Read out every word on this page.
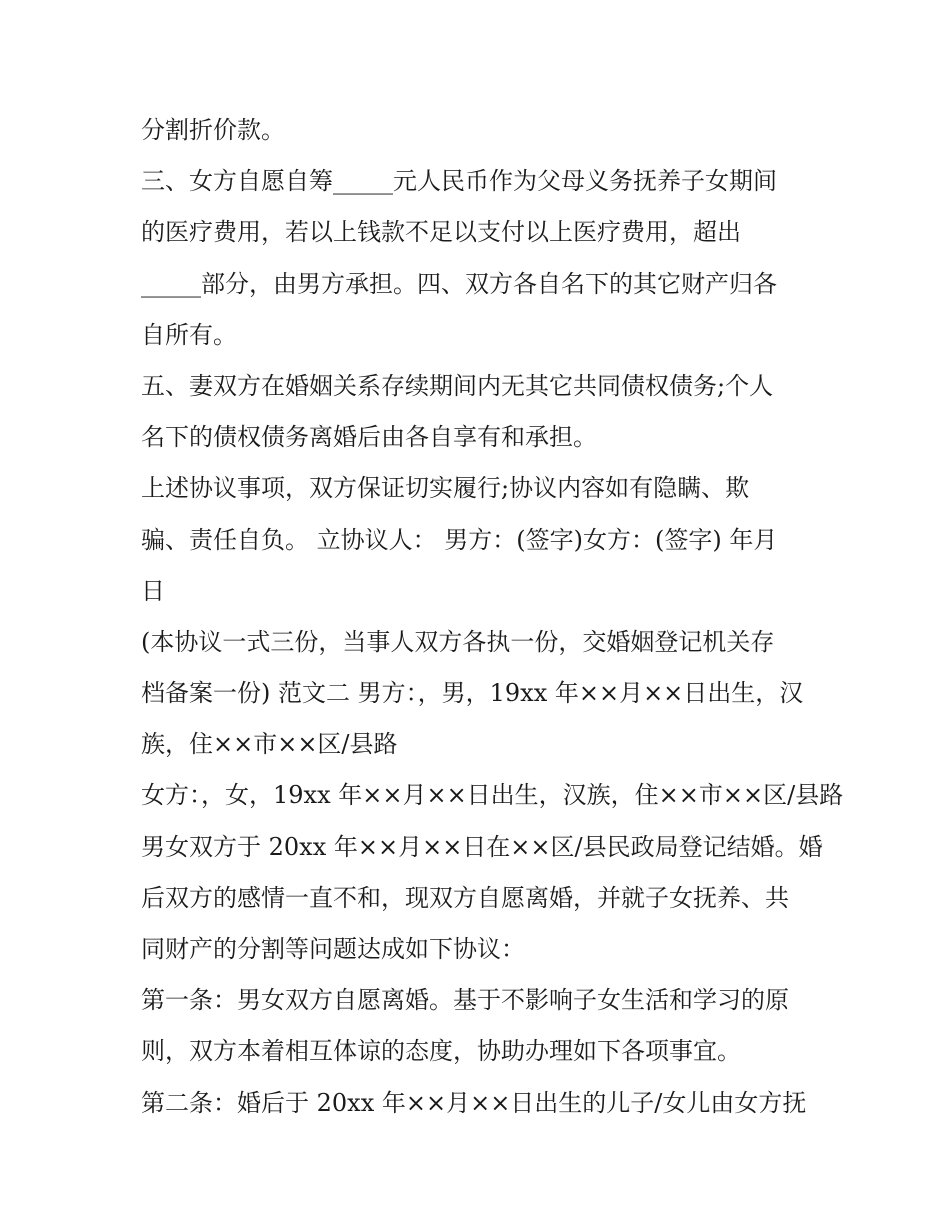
分割折价款。
三、女方自愿自筹_____元人民币作为父母义务抚养子女期间
的医疗费用，若以上钱款不足以支付以上医疗费用，超出
_____部分，由男方承担。四、双方各自名下的其它财产归各
自所有。
五、妻双方在婚姻关系存续期间内无其它共同债权债务;个人
名下的债权债务离婚后由各自享有和承担。
上述协议事项，双方保证切实履行;协议内容如有隐瞒、欺
骗、责任自负。 立协议人： 男方：(签字)女方：(签字) 年月
日
(本协议一式三份，当事人双方各执一份，交婚姻登记机关存
档备案一份) 范文二 男方：，男，19xx 年××月××日出生，汉
族，住××市××区/县路
女方：，女，19xx 年××月××日出生，汉族，住××市××区/县路
男女双方于 20xx 年××月××日在××区/县民政局登记结婚。婚
后双方的感情一直不和，现双方自愿离婚，并就子女抚养、共
同财产的分割等问题达成如下协议：
第一条：男女双方自愿离婚。基于不影响子女生活和学习的原
则，双方本着相互体谅的态度，协助办理如下各项事宜。
第二条：婚后于 20xx 年××月××日出生的儿子/女儿由女方抚
